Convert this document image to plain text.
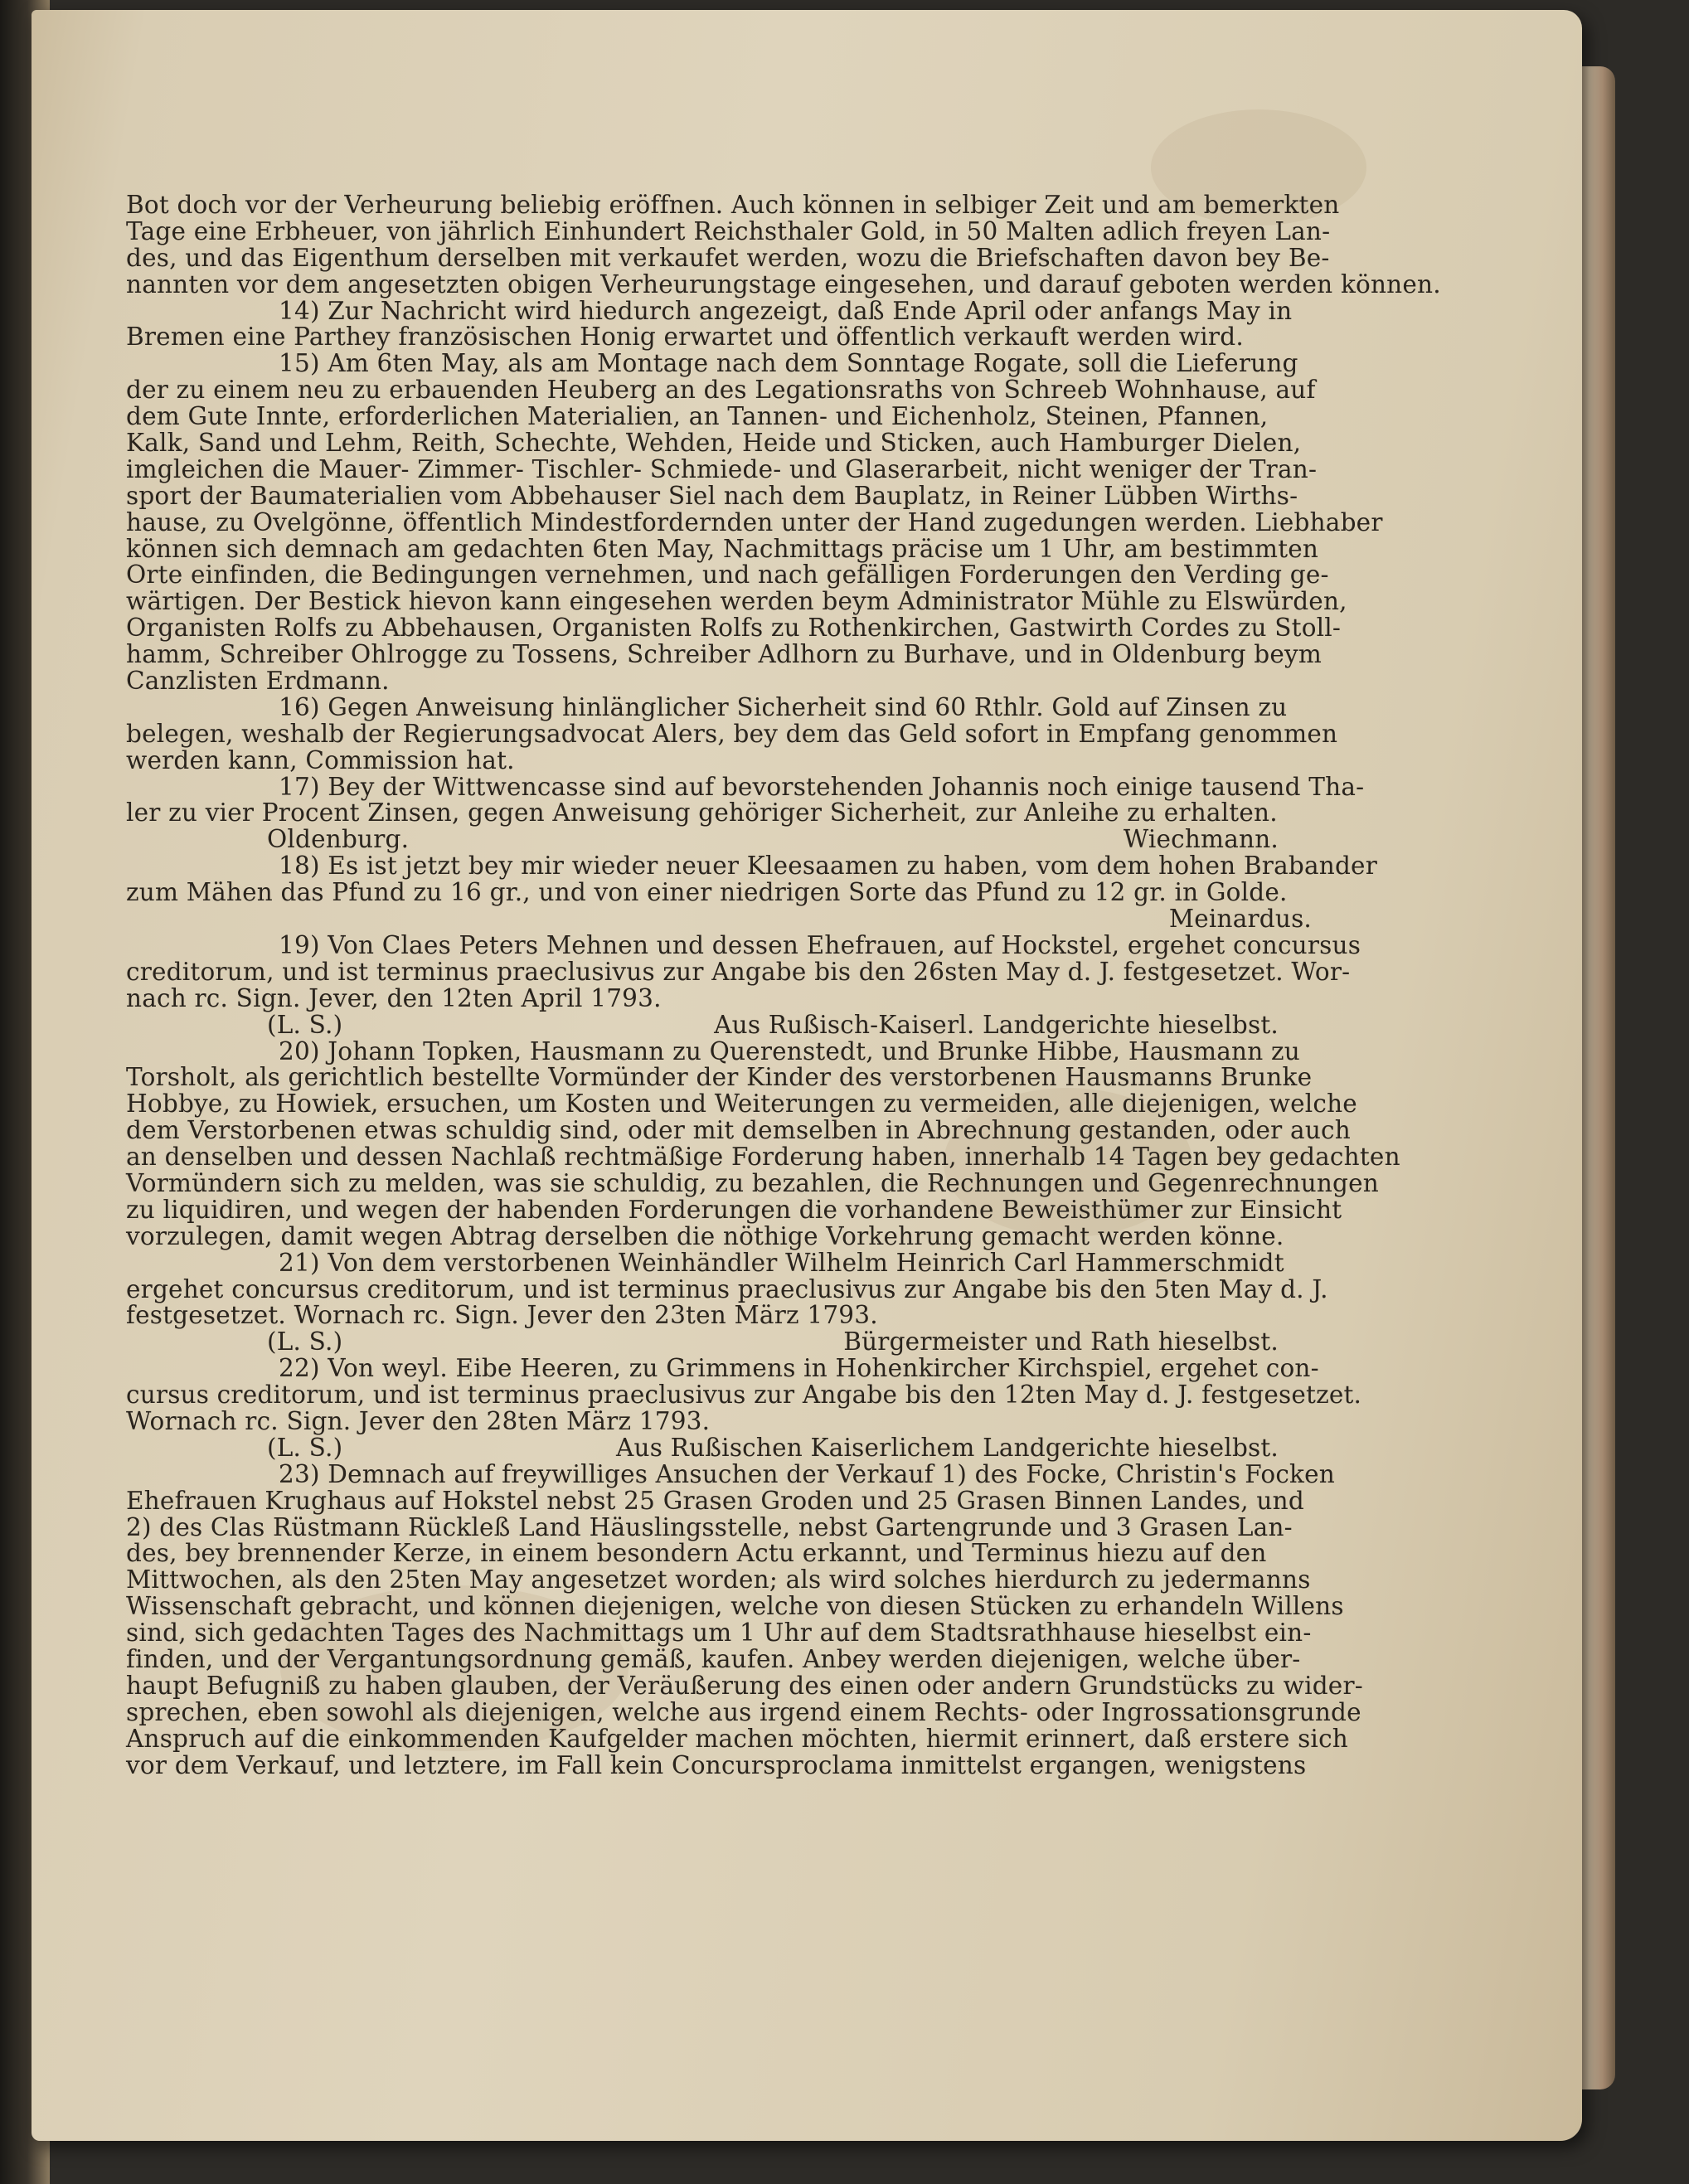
Bot doch vor der Verheurung beliebig eröffnen. Auch können in selbiger Zeit und am bemerkten
Tage eine Erbheuer, von jährlich Einhundert Reichsthaler Gold, in 50 Malten adlich freyen Lan-
des, und das Eigenthum derselben mit verkaufet werden, wozu die Briefschaften davon bey Be-
nannten vor dem angesetzten obigen Verheurungstage eingesehen, und darauf geboten werden können.
14) Zur Nachricht wird hiedurch angezeigt, daß Ende April oder anfangs May in
Bremen eine Parthey französischen Honig erwartet und öffentlich verkauft werden wird.
15) Am 6ten May, als am Montage nach dem Sonntage Rogate, soll die Lieferung
der zu einem neu zu erbauenden Heuberg an des Legationsraths von Schreeb Wohnhause, auf
dem Gute Innte, erforderlichen Materialien, an Tannen- und Eichenholz, Steinen, Pfannen,
Kalk, Sand und Lehm, Reith, Schechte, Wehden, Heide und Sticken, auch Hamburger Dielen,
imgleichen die Mauer- Zimmer- Tischler- Schmiede- und Glaserarbeit, nicht weniger der Tran-
sport der Baumaterialien vom Abbehauser Siel nach dem Bauplatz, in Reiner Lübben Wirths-
hause, zu Ovelgönne, öffentlich Mindestfordernden unter der Hand zugedungen werden. Liebhaber
können sich demnach am gedachten 6ten May, Nachmittags präcise um 1 Uhr, am bestimmten
Orte einfinden, die Bedingungen vernehmen, und nach gefälligen Forderungen den Verding ge-
wärtigen. Der Bestick hievon kann eingesehen werden beym Administrator Mühle zu Elswürden,
Organisten Rolfs zu Abbehausen, Organisten Rolfs zu Rothenkirchen, Gastwirth Cordes zu Stoll-
hamm, Schreiber Ohlrogge zu Tossens, Schreiber Adlhorn zu Burhave, und in Oldenburg beym
Canzlisten Erdmann.
16) Gegen Anweisung hinlänglicher Sicherheit sind 60 Rthlr. Gold auf Zinsen zu
belegen, weshalb der Regierungsadvocat Alers, bey dem das Geld sofort in Empfang genommen
werden kann, Commission hat.
17) Bey der Wittwencasse sind auf bevorstehenden Johannis noch einige tausend Tha-
ler zu vier Procent Zinsen, gegen Anweisung gehöriger Sicherheit, zur Anleihe zu erhalten.
Oldenburg.	Wiechmann.
18) Es ist jetzt bey mir wieder neuer Kleesaamen zu haben, vom dem hohen Brabander
zum Mähen das Pfund zu 16 gr., und von einer niedrigen Sorte das Pfund zu 12 gr. in Golde.
Meinardus.
19) Von Claes Peters Mehnen und dessen Ehefrauen, auf Hockstel, ergehet concursus
creditorum, und ist terminus praeclusivus zur Angabe bis den 26sten May d. J. festgesetzet. Wor-
nach rc. Sign. Jever, den 12ten April 1793.
(L. S.)	Aus Rußisch-Kaiserl. Landgerichte hieselbst.
20) Johann Topken, Hausmann zu Querenstedt, und Brunke Hibbe, Hausmann zu
Torsholt, als gerichtlich bestellte Vormünder der Kinder des verstorbenen Hausmanns Brunke
Hobbye, zu Howiek, ersuchen, um Kosten und Weiterungen zu vermeiden, alle diejenigen, welche
dem Verstorbenen etwas schuldig sind, oder mit demselben in Abrechnung gestanden, oder auch
an denselben und dessen Nachlaß rechtmäßige Forderung haben, innerhalb 14 Tagen bey gedachten
Vormündern sich zu melden, was sie schuldig, zu bezahlen, die Rechnungen und Gegenrechnungen
zu liquidiren, und wegen der habenden Forderungen die vorhandene Beweisthümer zur Einsicht
vorzulegen, damit wegen Abtrag derselben die nöthige Vorkehrung gemacht werden könne.
21) Von dem verstorbenen Weinhändler Wilhelm Heinrich Carl Hammerschmidt
ergehet concursus creditorum, und ist terminus praeclusivus zur Angabe bis den 5ten May d. J.
festgesetzet. Wornach rc. Sign. Jever den 23ten März 1793.
(L. S.)	Bürgermeister und Rath hieselbst.
22) Von weyl. Eibe Heeren, zu Grimmens in Hohenkircher Kirchspiel, ergehet con-
cursus creditorum, und ist terminus praeclusivus zur Angabe bis den 12ten May d. J. festgesetzet.
Wornach rc. Sign. Jever den 28ten März 1793.
(L. S.)	Aus Rußischen Kaiserlichem Landgerichte hieselbst.
23) Demnach auf freywilliges Ansuchen der Verkauf 1) des Focke, Christin's Focken
Ehefrauen Krughaus auf Hokstel nebst 25 Grasen Groden und 25 Grasen Binnen Landes, und
2) des Clas Rüstmann Rückleß Land Häuslingsstelle, nebst Gartengrunde und 3 Grasen Lan-
des, bey brennender Kerze, in einem besondern Actu erkannt, und Terminus hiezu auf den
Mittwochen, als den 25ten May angesetzet worden; als wird solches hierdurch zu jedermanns
Wissenschaft gebracht, und können diejenigen, welche von diesen Stücken zu erhandeln Willens
sind, sich gedachten Tages des Nachmittags um 1 Uhr auf dem Stadtsrathhause hieselbst ein-
finden, und der Vergantungsordnung gemäß, kaufen. Anbey werden diejenigen, welche über-
haupt Befugniß zu haben glauben, der Veräußerung des einen oder andern Grundstücks zu wider-
sprechen, eben sowohl als diejenigen, welche aus irgend einem Rechts- oder Ingrossationsgrunde
Anspruch auf die einkommenden Kaufgelder machen möchten, hiermit erinnert, daß erstere sich
vor dem Verkauf, und letztere, im Fall kein Concursproclama inmittelst ergangen, wenigstens
